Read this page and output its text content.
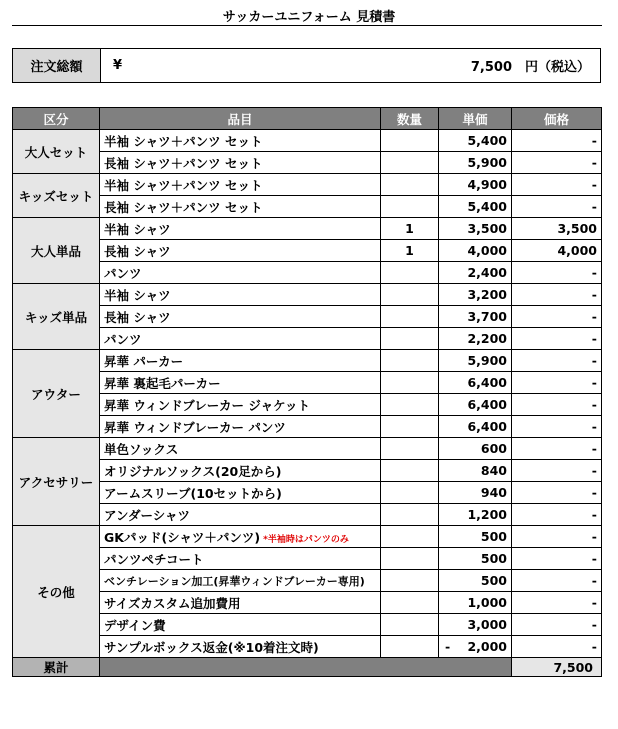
サッカーユニフォーム 見積書
注文総額	¥	7,500　円（税込）
区分	品目	数量	単価	価格
大人セット	半袖 シャツ＋パンツ セット		5,400	-
	長袖 シャツ＋パンツ セット		5,900	-
キッズセット	半袖 シャツ＋パンツ セット		4,900	-
	長袖 シャツ＋パンツ セット		5,400	-
大人単品	半袖 シャツ	1	3,500	3,500
	長袖 シャツ	1	4,000	4,000
	パンツ		2,400	-
キッズ単品	半袖 シャツ		3,200	-
	長袖 シャツ		3,700	-
	パンツ		2,200	-
アウター	昇華 パーカー		5,900	-
	昇華 裏起毛パーカー		6,400	-
	昇華 ウィンドブレーカー ジャケット		6,400	-
	昇華 ウィンドブレーカー パンツ		6,400	-
アクセサリー	単色ソックス		600	-
	オリジナルソックス(20足から)		840	-
	アームスリーブ(10セットから)		940	-
	アンダーシャツ		1,200	-
その他	GKパッド(シャツ＋パンツ) *半袖時はパンツのみ		500	-
	パンツペチコート		500	-
	ベンチレーション加工(昇華ウィンドブレーカー専用)		500	-
	サイズカスタム追加費用		1,000	-
	デザイン費		3,000	-
	サンプルボックス返金(※10着注文時)		- 2,000	-
累計				7,500
